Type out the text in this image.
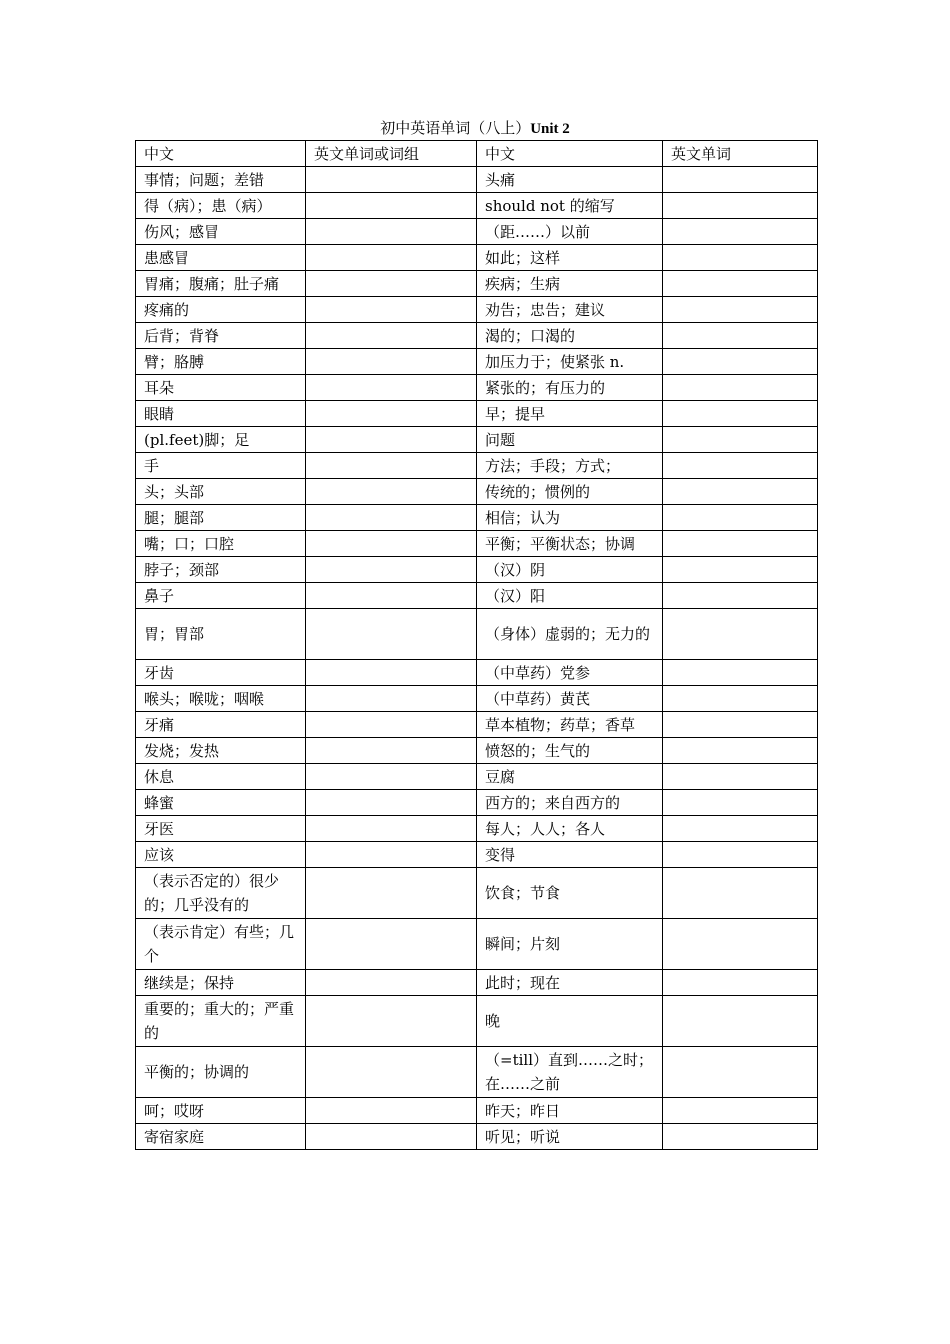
初中英语单词（八上）Unit 2
中文	英文单词或词组	中文	英文单词
事情；问题；差错		头痛	
得（病）；患（病）		should not 的缩写	
伤风；感冒		（距……）以前	
患感冒		如此；这样	
胃痛；腹痛；肚子痛		疾病；生病	
疼痛的		劝告；忠告；建议	
后背；背脊		渴的；口渴的	
臂；胳膊		加压力于；使紧张 n.	
耳朵		紧张的；有压力的	
眼睛		早；提早	
(pl.feet)脚；足		问题	
手		方法；手段；方式；	
头；头部		传统的；惯例的	
腿；腿部		相信；认为	
嘴；口；口腔		平衡；平衡状态；协调	
脖子；颈部		（汉）阴	
鼻子		（汉）阳	
胃；胃部		（身体）虚弱的；无力的	
牙齿		（中草药）党参	
喉头；喉咙；咽喉		（中草药）黄芪	
牙痛		草本植物；药草；香草	
发烧；发热		愤怒的；生气的	
休息		豆腐	
蜂蜜		西方的；来自西方的	
牙医		每人；人人；各人	
应该		变得	
（表示否定的）很少的；几乎没有的		饮食；节食	
（表示肯定）有些；几个		瞬间；片刻	
继续是；保持		此时；现在	
重要的；重大的；严重的		晚	
平衡的；协调的		（=till）直到……之时；在……之前	
呵；哎呀		昨天；昨日	
寄宿家庭		听见；听说	
